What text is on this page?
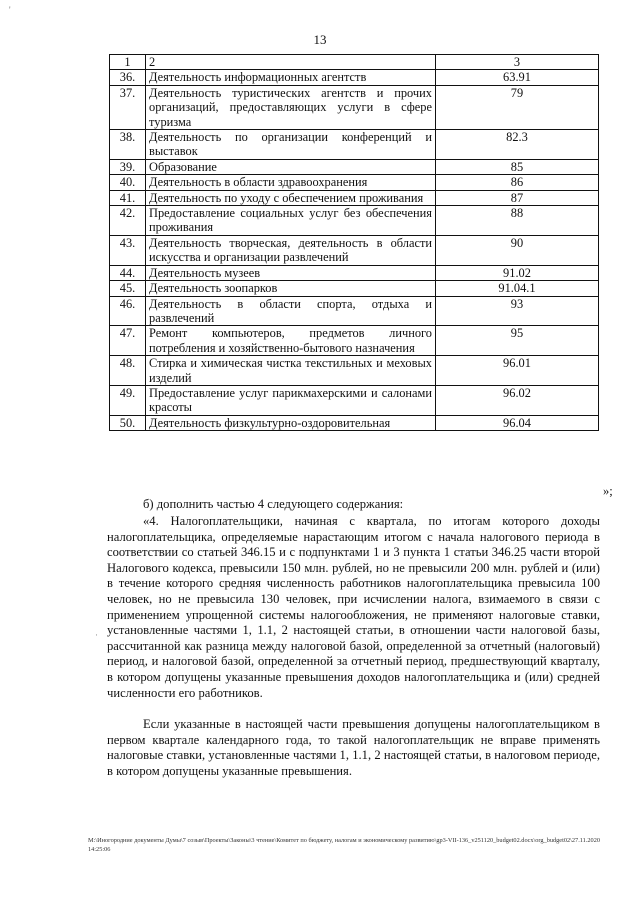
'
13
1	2	3
36.	Деятельность информационных агентств	63.91
37.	Деятельность туристических агентств и прочих организаций, предоставляющих услуги в сфере туризма	79
38.	Деятельность по организации конференций и выставок	82.3
39.	Образование	85
40.	Деятельность в области здравоохранения	86
41.	Деятельность по уходу с обеспечением проживания	87
42.	Предоставление социальных услуг без обеспечения проживания	88
43.	Деятельность творческая, деятельность в области искусства и организации развлечений	90
44.	Деятельность музеев	91.02
45.	Деятельность зоопарков	91.04.1
46.	Деятельность в области спорта, отдыха и развлечений	93
47.	Ремонт компьютеров, предметов личного потребления и хозяйственно-бытового назначения	95
48.	Стирка и химическая чистка текстильных и меховых изделий	96.01
49.	Предоставление услуг парикмахерскими и салонами красоты	96.02
50.	Деятельность физкультурно-оздоровительная	96.04
»;
б) дополнить частью 4 следующего содержания:
«4. Налогоплательщики, начиная с квартала, по итогам которого доходы налогоплательщика, определяемые нарастающим итогом с начала налогового периода в соответствии со статьей 346.15 и с подпунктами 1 и 3 пункта 1 статьи 346.25 части второй Налогового кодекса, превысили 150 млн. рублей, но не превысили 200 млн. рублей и (или) в течение которого средняя численность работников налогоплательщика превысила 100 человек, но не превысила 130 человек, при исчислении налога, взимаемого в связи с применением упрощенной системы налогообложения, не применяют налоговые ставки, установленные частями 1, 1.1, 2 настоящей статьи, в отношении части налоговой базы, рассчитанной как разница между налоговой базой, определенной за отчетный (налоговый) период, и налоговой базой, определенной за отчетный период, предшествующий кварталу, в котором допущены указанные превышения доходов налогоплательщика и (или) средней численности его работников.
·
Если указанные в настоящей части превышения допущены налогоплательщиком в первом квартале календарного года, то такой налогоплательщик не вправе применять налоговые ставки, установленные частями 1, 1.1, 2 настоящей статьи, в налоговом периоде, в котором допущены указанные превышения.
M:\Иногородние документы Думы\7 созыв\Проекты\Законы\3 чтение\Комитет по бюджету, налогам и экономическому развитию\gp3-VII-136_v251120_budget02.docx\org_budget02\27.11.2020 14:25:06
